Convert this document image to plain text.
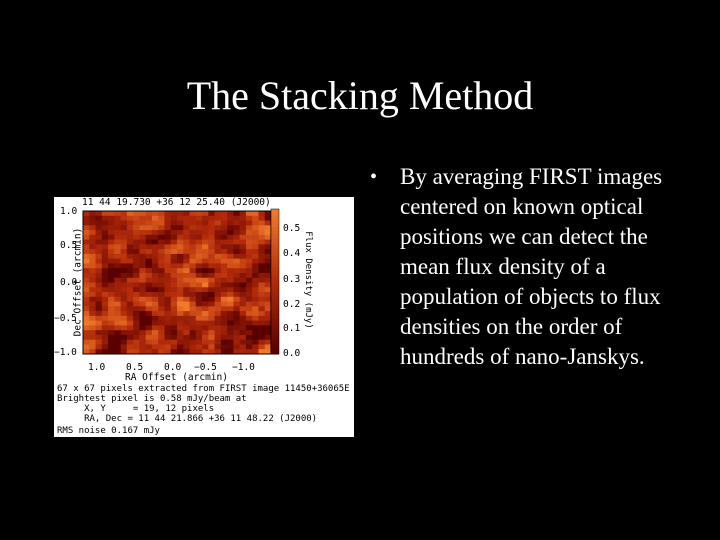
The Stacking Method
• By averaging FIRST images centered on known optical positions we can detect the mean flux density of a population of objects to flux densities on the order of hundreds of nano-Janskys.
11 44 19.730 +36 12 25.40 (J2000)
Dec Offset (arcmin)	Flux Density (mJy)
1.0
0.5
0.0
−0.5
−1.0
1.0 0.5 0.0 −0.5 −1.0
RA Offset (arcmin)
0.5
0.4
0.3
0.2
0.1
0.0
67 x 67 pixels extracted from FIRST image 11450+36065E
Brightest pixel is 0.58 mJy/beam at
X, Y     = 19, 12 pixels
RA, Dec = 11 44 21.866 +36 11 48.22 (J2000)
RMS noise 0.167 mJy
